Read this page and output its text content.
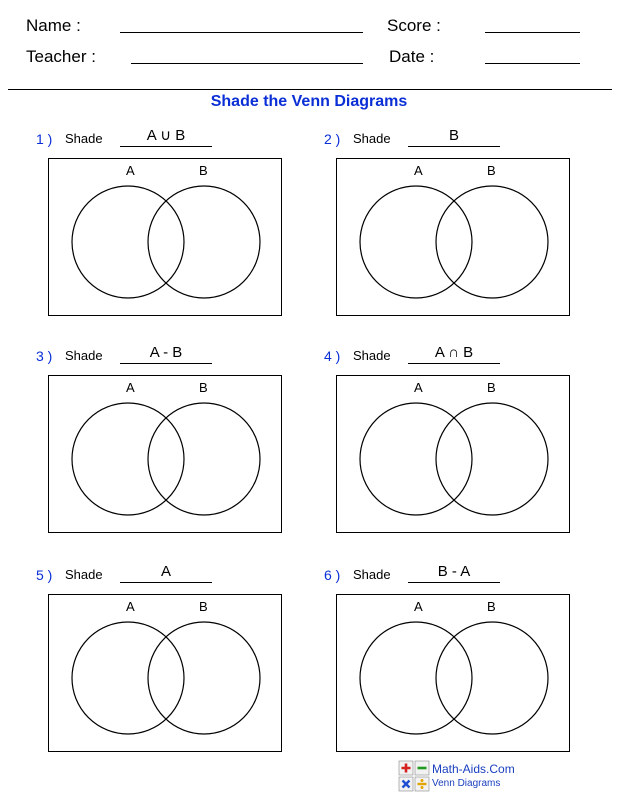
Name :	Score :
Teacher :	Date :
Shade the Venn Diagrams
1 ) Shade	A ∪ B
A	B
2 ) Shade	B
A	B
3 ) Shade	A - B
A	B
4 ) Shade	A ∩ B
A	B
5 ) Shade	A
A	B
6 ) Shade	B - A
A	B
Math-Aids.Com
Venn Diagrams
